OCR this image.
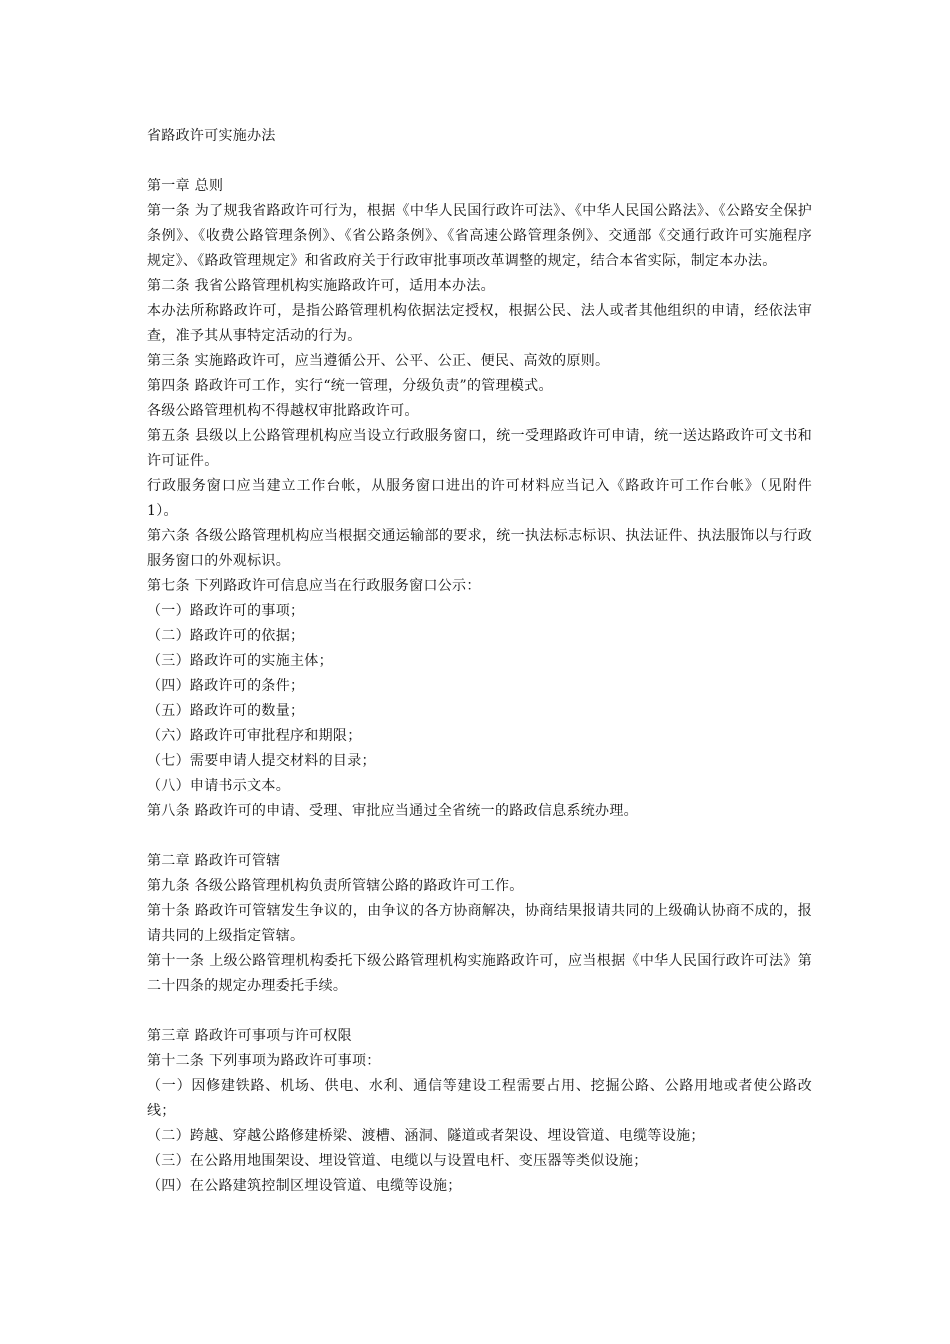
省路政许可实施办法

第一章 总则

第一条 为了规我省路政许可行为，根据《中华人民国行政许可法》、《中华人民国公路法》、《公路安全保护条例》、《收费公路管理条例》、《省公路条例》、《省高速公路管理条例》、交通部《交通行政许可实施程序规定》、《路政管理规定》和省政府关于行政审批事项改革调整的规定，结合本省实际，制定本办法。

第二条 我省公路管理机构实施路政许可，适用本办法。

本办法所称路政许可，是指公路管理机构依据法定授权，根据公民、法人或者其他组织的申请，经依法审查，准予其从事特定活动的行为。

第三条 实施路政许可，应当遵循公开、公平、公正、便民、高效的原则。

第四条 路政许可工作，实行“统一管理，分级负责”的管理模式。

各级公路管理机构不得越权审批路政许可。

第五条 县级以上公路管理机构应当设立行政服务窗口，统一受理路政许可申请，统一送达路政许可文书和许可证件。

行政服务窗口应当建立工作台帐，从服务窗口进出的许可材料应当记入《路政许可工作台帐》（见附件1）。

第六条 各级公路管理机构应当根据交通运输部的要求，统一执法标志标识、执法证件、执法服饰以与行政服务窗口的外观标识。

第七条 下列路政许可信息应当在行政服务窗口公示：

（一）路政许可的事项；

（二）路政许可的依据；

（三）路政许可的实施主体；

（四）路政许可的条件；

（五）路政许可的数量；

（六）路政许可审批程序和期限；

（七）需要申请人提交材料的目录；

（八）申请书示文本。

第八条 路政许可的申请、受理、审批应当通过全省统一的路政信息系统办理。

第二章 路政许可管辖

第九条 各级公路管理机构负责所管辖公路的路政许可工作。

第十条 路政许可管辖发生争议的，由争议的各方协商解决，协商结果报请共同的上级确认协商不成的，报请共同的上级指定管辖。

第十一条 上级公路管理机构委托下级公路管理机构实施路政许可，应当根据《中华人民国行政许可法》第二十四条的规定办理委托手续。

第三章 路政许可事项与许可权限

第十二条 下列事项为路政许可事项：

（一）因修建铁路、机场、供电、水利、通信等建设工程需要占用、挖掘公路、公路用地或者使公路改线；

（二）跨越、穿越公路修建桥梁、渡槽、涵洞、隧道或者架设、埋设管道、电缆等设施；

（三）在公路用地围架设、埋设管道、电缆以与设置电杆、变压器等类似设施；

（四）在公路建筑控制区埋设管道、电缆等设施；
